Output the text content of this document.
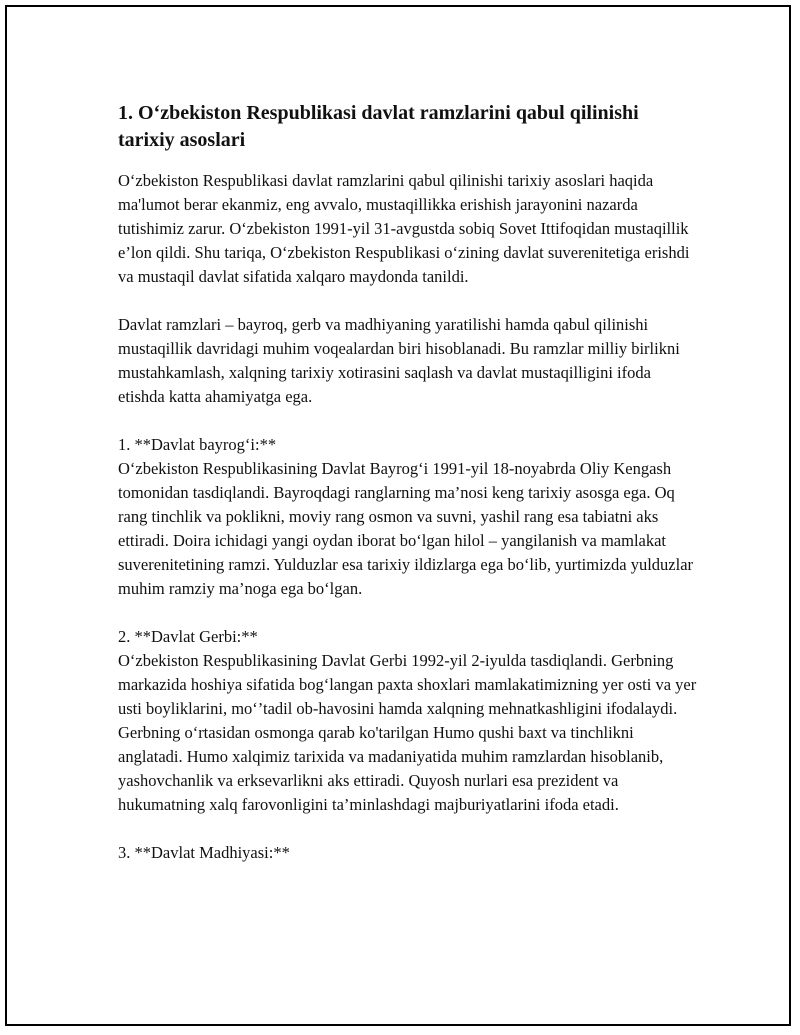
1. O‘zbekiston Respublikasi davlat ramzlarini qabul qilinishi tarixiy asoslari

O‘zbekiston Respublikasi davlat ramzlarini qabul qilinishi tarixiy asoslari haqida ma'lumot berar ekanmiz, eng avvalo, mustaqillikka erishish jarayonini nazarda tutishimiz zarur. O‘zbekiston 1991-yil 31-avgustda sobiq Sovet Ittifoqidan mustaqillik e’lon qildi. Shu tariqa, O‘zbekiston Respublikasi o‘zining davlat suverenitetiga erishdi va mustaqil davlat sifatida xalqaro maydonda tanildi.

Davlat ramzlari – bayroq, gerb va madhiyaning yaratilishi hamda qabul qilinishi mustaqillik davridagi muhim voqealardan biri hisoblanadi. Bu ramzlar milliy birlikni mustahkamlash, xalqning tarixiy xotirasini saqlash va davlat mustaqilligini ifoda etishda katta ahamiyatga ega.

1. **Davlat bayrog‘i:**
O‘zbekiston Respublikasining Davlat Bayrog‘i 1991-yil 18-noyabrda Oliy Kengash tomonidan tasdiqlandi. Bayroqdagi ranglarning ma’nosi keng tarixiy asosga ega. Oq rang tinchlik va poklikni, moviy rang osmon va suvni, yashil rang esa tabiatni aks ettiradi. Doira ichidagi yangi oydan iborat bo‘lgan hilol – yangilanish va mamlakat suverenitetining ramzi. Yulduzlar esa tarixiy ildizlarga ega bo‘lib, yurtimizda yulduzlar muhim ramziy ma’noga ega bo‘lgan.

2. **Davlat Gerbi:**
O‘zbekiston Respublikasining Davlat Gerbi 1992-yil 2-iyulda tasdiqlandi. Gerbning markazida hoshiya sifatida bog‘langan paxta shoxlari mamlakatimizning yer osti va yer usti boyliklarini, mo‘’tadil ob-havosini hamda xalqning mehnatkashligini ifodalaydi. Gerbning o‘rtasidan osmonga qarab ko'tarilgan Humo qushi baxt va tinchlikni anglatadi. Humo xalqimiz tarixida va madaniyatida muhim ramzlardan hisoblanib, yashovchanlik va erksevarlikni aks ettiradi. Quyosh nurlari esa prezident va hukumatning xalq farovonligini ta’minlashdagi majburiyatlarini ifoda etadi.

3. **Davlat Madhiyasi:**
